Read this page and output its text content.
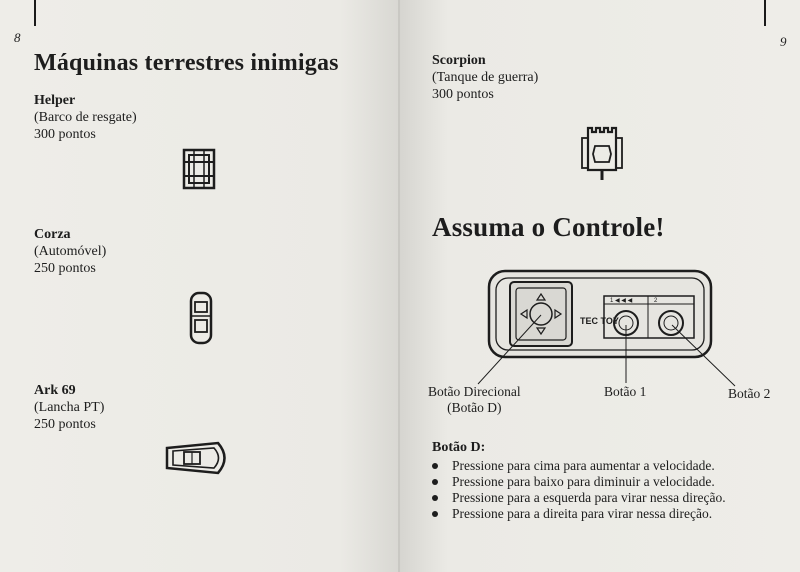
8
Máquinas terrestres inimigas
Helper
(Barco de resgate)
300 pontos
Corza
(Automóvel)
250 pontos
Ark 69
(Lancha PT)
250 pontos
9
Scorpion
(Tanque de guerra)
300 pontos
Assuma o Controle!
TEC TOY
1 ◀ ◀ ◀	2
Botão Direcional
(Botão D)
Botão 1	Botão 2
Botão D:
Pressione para cima para aumentar a velocidade.
Pressione para baixo para diminuir a velocidade.
Pressione para a esquerda para virar nessa direção.
Pressione para a direita para virar nessa direção.
